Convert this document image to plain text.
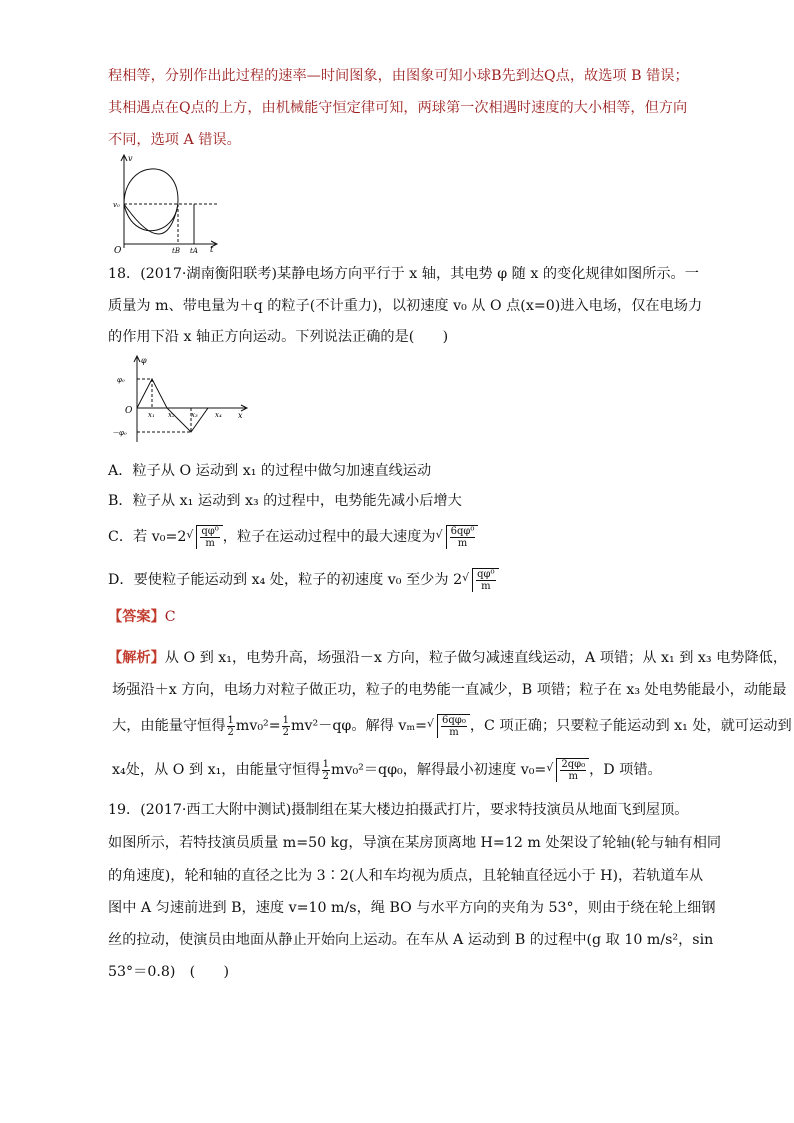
程相等，分别作出此过程的速率—时间图象，由图象可知小球B先到达Q点，故选项 B 错误；
其相遇点在Q点的上方，由机械能守恒定律可知，两球第一次相遇时速度的大小相等，但方向
不同，选项 A 错误。
v
t
O
v₀
tB tA
18．(2017·湖南衡阳联考)某静电场方向平行于 x 轴，其电势 φ 随 x 的变化规律如图所示。一
质量为 m、带电量为＋q 的粒子(不计重力)，以初速度 v₀ 从 O 点(x=0)进入电场，仅在电场力
的作用下沿 x 轴正方向运动。下列说法正确的是(　　)
φ
x
O
φ₀
－φ₀
x₁ x₂ x₃ x₄
A．粒子从 O 运动到 x₁ 的过程中做匀加速直线运动
B．粒子从 x₁ 运动到 x₃ 的过程中，电势能先减小后增大
C．若 v₀=2 √ $\frac{\text{qφ⁰}}{m}$ ，粒子在运动过程中的最大速度为 √ $\frac{\text{6qφ⁰}}{m}$
D．要使粒子能运动到 x₄ 处，粒子的初速度 v₀ 至少为 2 √ $\frac{\text{qφ⁰}}{m}$
【答案】C
【解析】从 O 到 x₁，电势升高，场强沿－x 方向，粒子做匀减速直线运动，A 项错；从 x₁ 到 x₃ 电势降低，
场强沿＋x 方向，电场力对粒子做正功，粒子的电势能一直减少，B 项错；粒子在 x₃ 处电势能最小，动能最
大，由能量守恒得 $\frac{1}{2} mv_0^2= \frac{1}{2} mv^2-q\varphi$。解得 vₘ= √ $\frac{\text{6qφ₀}}{m}$ ，C 项正确；只要粒子能运动到 x₁ 处，就可运动到
x₄处，从 O 到 x₁，由能量守恒得 $\frac{1}{2} mv_0^2=q\varphi_0$，解得最小初速度 v₀= √ $\frac{\text{2qφ₀}}{m}$ ，D 项错。
19．(2017·西工大附中测试)摄制组在某大楼边拍摄武打片，要求特技演员从地面飞到屋顶。
如图所示，若特技演员质量 m=50 kg，导演在某房顶离地 H=12 m 处架设了轮轴(轮与轴有相同
的角速度)，轮和轴的直径之比为 3∶2(人和车均视为质点，且轮轴直径远小于 H)，若轨道车从
图中 A 匀速前进到 B，速度 v=10 m/s，绳 BO 与水平方向的夹角为 53°，则由于绕在轮上细钢
丝的拉动，使演员由地面从静止开始向上运动。在车从 A 运动到 B 的过程中(g 取 10 m/s²，sin
53°＝0.8)　(　　)
